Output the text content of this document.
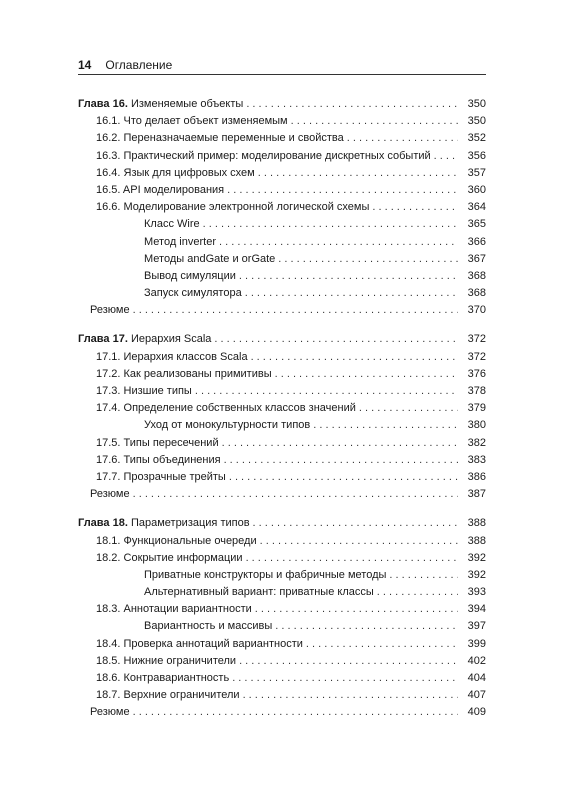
14 Оглавление
Глава 16. Изменяемые объекты . . .	350
16.1. Что делает объект изменяемым . . .	350
16.2. Переназначаемые переменные и свойства . . .	352
16.3. Практический пример: моделирование дискретных событий . . .	356
16.4. Язык для цифровых схем . . .	357
16.5. API моделирования . . .	360
16.6. Моделирование электронной логической схемы . . .	364
Класс Wire . . .	365
Метод inverter . . .	366
Методы andGate и orGate . . .	367
Вывод симуляции . . .	368
Запуск симулятора . . .	368
Резюме . . .	370
Глава 17. Иерархия Scala . . .	372
17.1. Иерархия классов Scala . . .	372
17.2. Как реализованы примитивы . . .	376
17.3. Низшие типы . . .	378
17.4. Определение собственных классов значений . . .	379
Уход от монокультурности типов . . .	380
17.5. Типы пересечений . . .	382
17.6. Типы объединения . . .	383
17.7. Прозрачные трейты . . .	386
Резюме . . .	387
Глава 18. Параметризация типов . . .	388
18.1. Функциональные очереди . . .	388
18.2. Сокрытие информации . . .	392
Приватные конструкторы и фабричные методы . . .	392
Альтернативный вариант: приватные классы . . .	393
18.3. Аннотации вариантности . . .	394
Вариантность и массивы . . .	397
18.4. Проверка аннотаций вариантности . . .	399
18.5. Нижние ограничители . . .	402
18.6. Контравариантность . . .	404
18.7. Верхние ограничители . . .	407
Резюме . . .	409
